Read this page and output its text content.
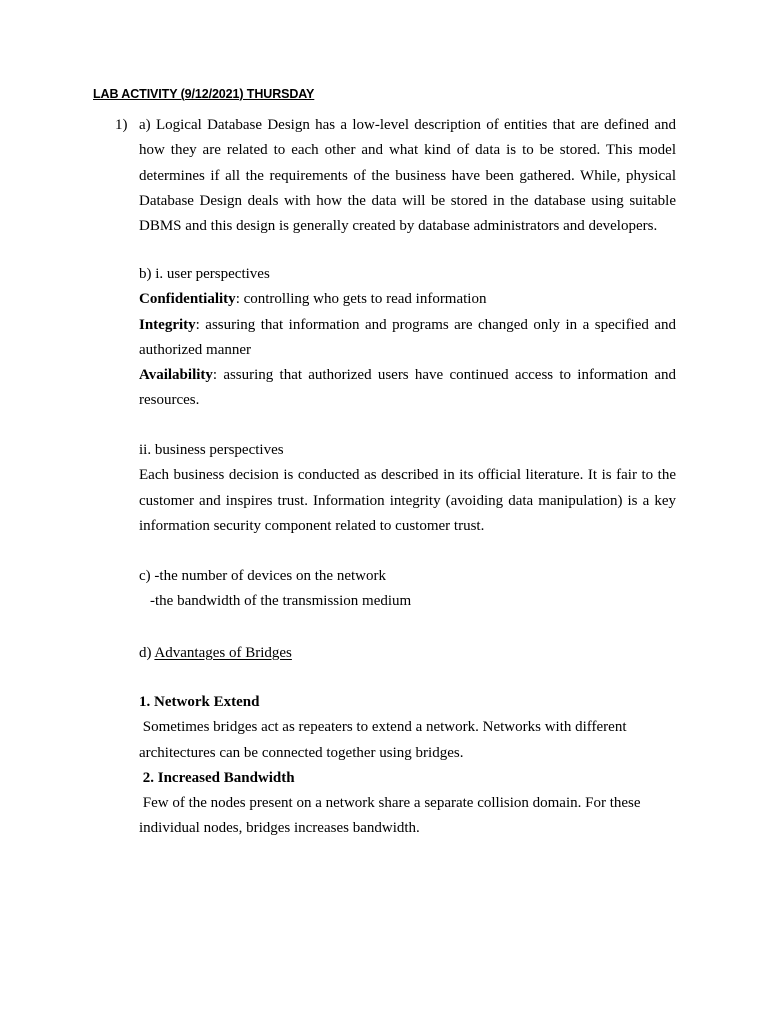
LAB ACTIVITY (9/12/2021) THURSDAY
1) a) Logical Database Design has a low-level description of entities that are defined and
how they are related to each other and what kind of data is to be stored. This model
determines if all the requirements of the business have been gathered. While, physical
Database Design deals with how the data will be stored in the database using suitable
DBMS and this design is generally created by database administrators and developers.
b) i. user perspectives
Confidentiality: controlling who gets to read information
Integrity: assuring that information and programs are changed only in a specified and
authorized manner
Availability: assuring that authorized users have continued access to information and
resources.
ii. business perspectives
Each business decision is conducted as described in its official literature. It is fair to the
customer and inspires trust. Information integrity (avoiding data manipulation) is a key
information security component related to customer trust.
c) -the number of devices on the network
-the bandwidth of the transmission medium
d) Advantages of Bridges
1. Network Extend
Sometimes bridges act as repeaters to extend a network. Networks with different
architectures can be connected together using bridges.
2. Increased Bandwidth
Few of the nodes present on a network share a separate collision domain. For these
individual nodes, bridges increases bandwidth.
